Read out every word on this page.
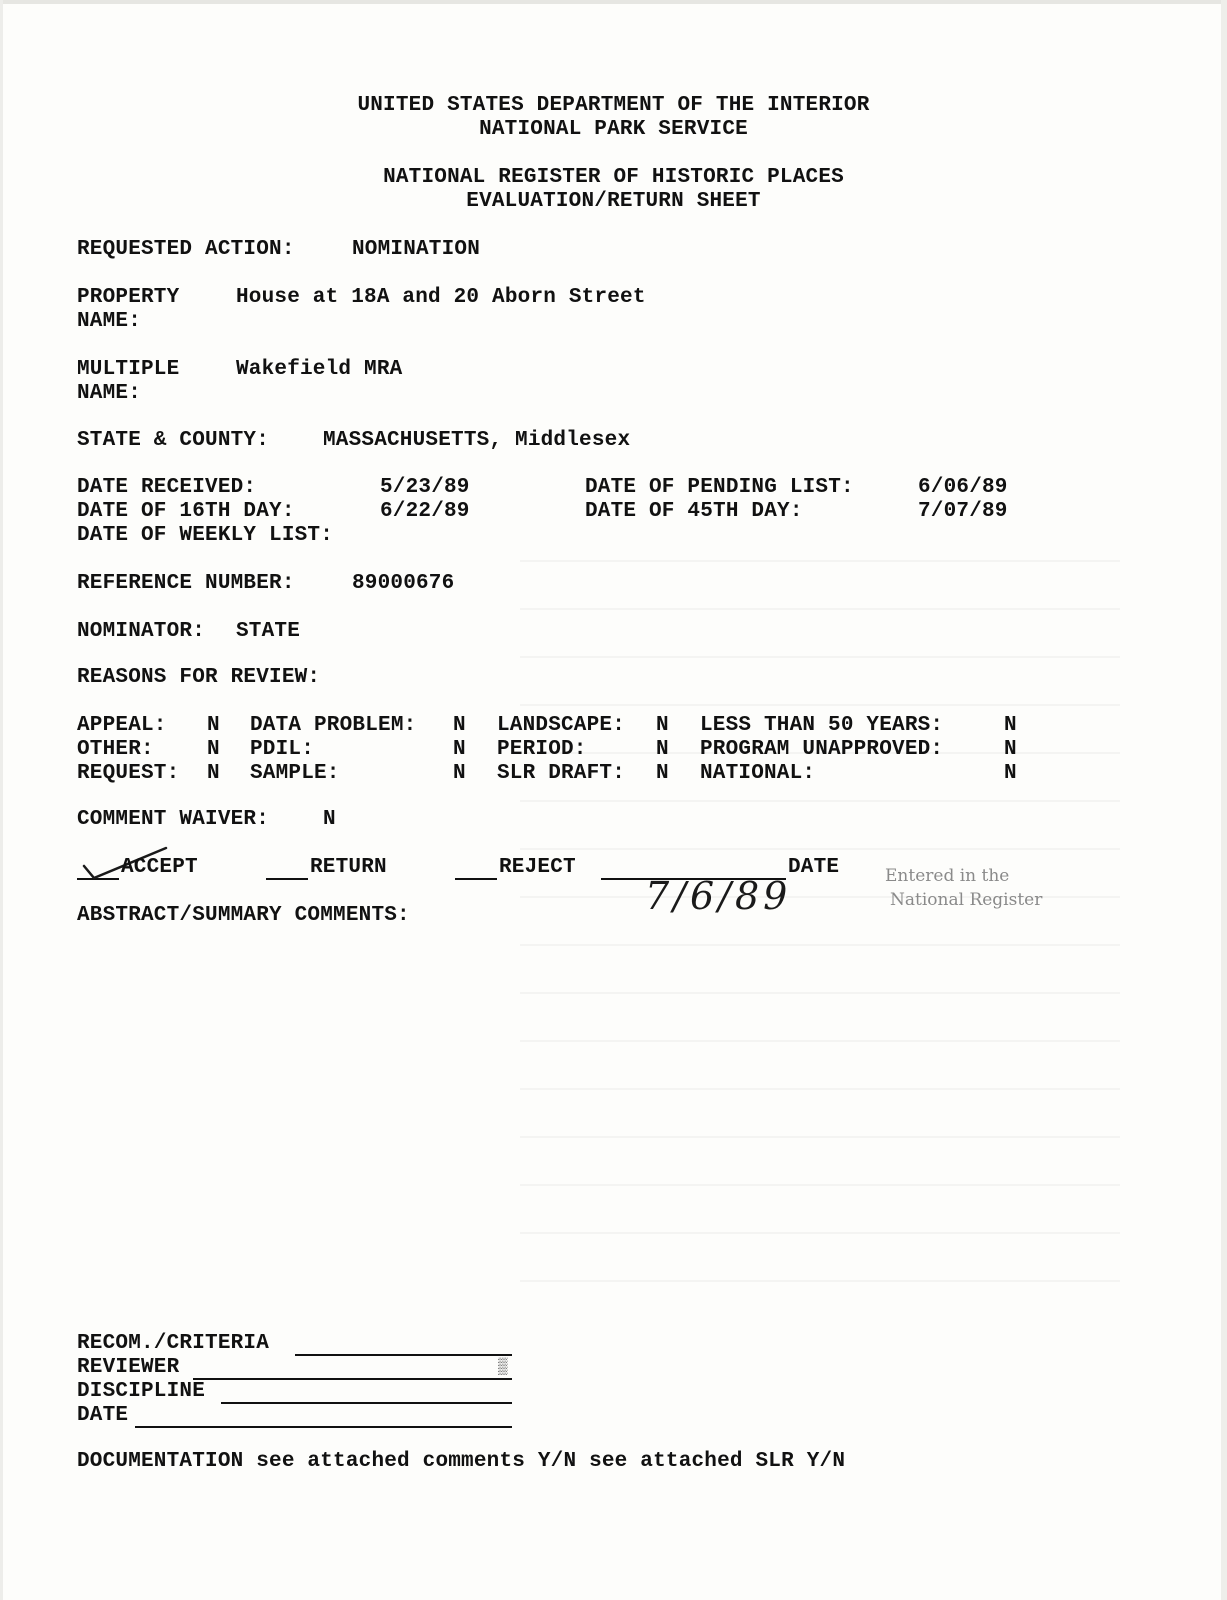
UNITED STATES DEPARTMENT OF THE INTERIOR

NATIONAL PARK SERVICE

NATIONAL REGISTER OF HISTORIC PLACES

EVALUATION/RETURN SHEET

REQUESTED ACTION:	NOMINATION

PROPERTY

NAME:

House at 18A and 20 Aborn Street

MULTIPLE

NAME:

Wakefield MRA

STATE & COUNTY:	MASSACHUSETTS, Middlesex

DATE RECEIVED:	5/23/89	DATE OF PENDING LIST:	6/06/89

DATE OF 16TH DAY:	6/22/89	DATE OF 45TH DAY:	7/07/89

DATE OF WEEKLY LIST:

REFERENCE NUMBER:	89000676

NOMINATOR: STATE

REASONS FOR REVIEW:

APPEAL: N DATA PROBLEM: N LANDSCAPE: N LESS THAN 50 YEARS:	N

OTHER:	N PDIL:	N PERIOD:	N PROGRAM UNAPPROVED:	N

REQUEST: N SAMPLE:	N SLR DRAFT: N NATIONAL:	N

COMMENT WAIVER:	N

ACCEPT	RETURN	REJECT

7/6/89

DATE	Entered in the

National Register

ABSTRACT/SUMMARY COMMENTS:

RECOM./CRITERIA

REVIEWER	▒

DISCIPLINE

DATE

DOCUMENTATION see attached comments Y/N see attached SLR Y/N
